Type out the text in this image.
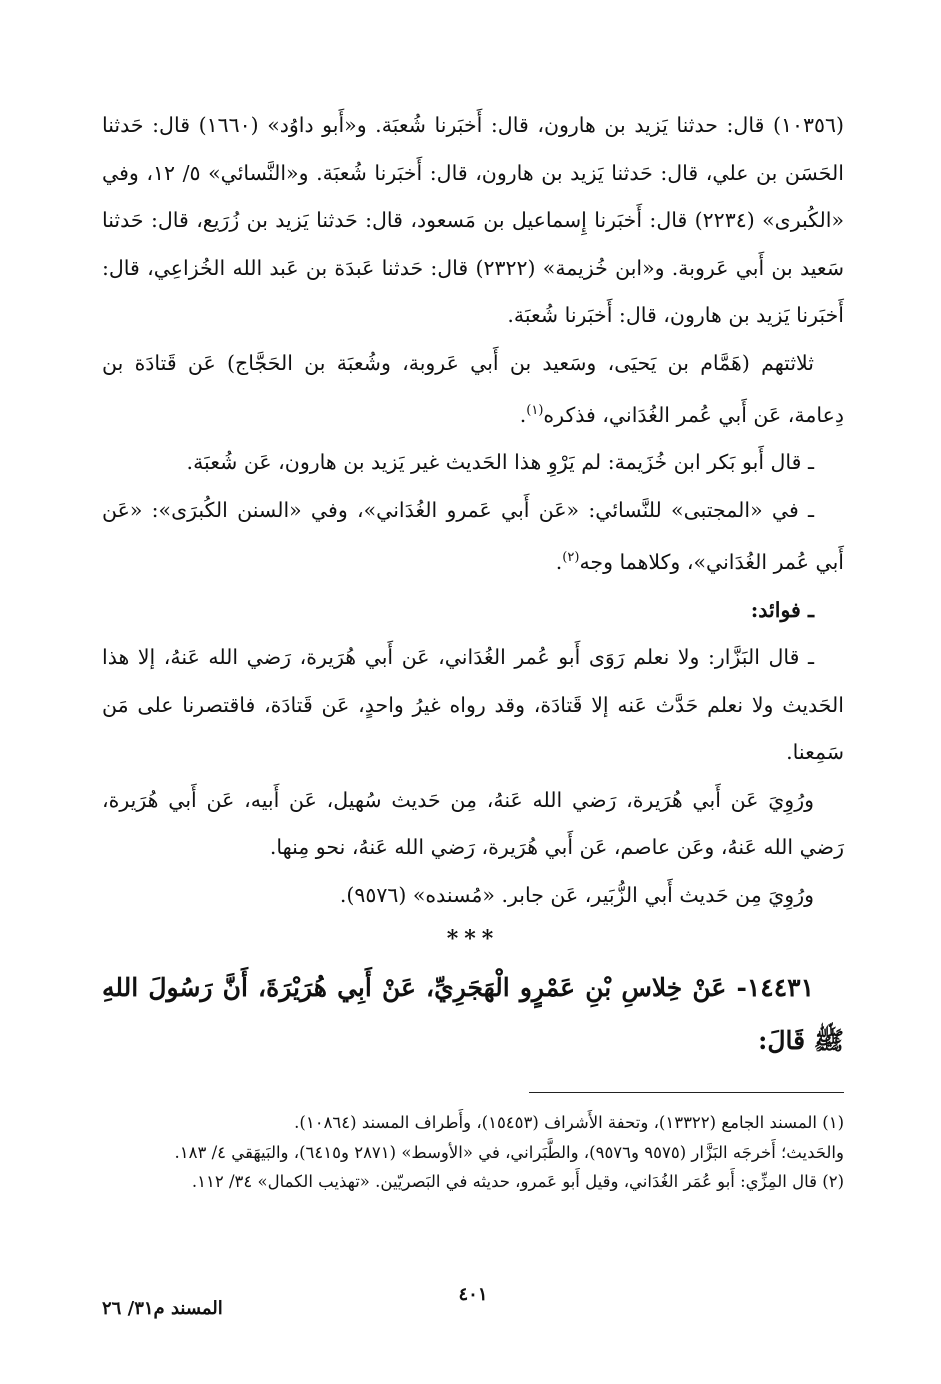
(١٠٣٥٦) قال: حدثنا يَزيد بن هارون، قال: أَخبَرنا شُعبَة. و«أَبو داوُد» (١٦٦٠) قال: حَدثنا الحَسَن بن علي، قال: حَدثنا يَزيد بن هارون، قال: أَخبَرنا شُعبَة. و«النَّسائي» ٥/ ١٢، وفي «الكُبرى» (٢٢٣٤) قال: أَخبَرنا إِسماعيل بن مَسعود، قال: حَدثنا يَزيد بن زُرَيع، قال: حَدثنا سَعيد بن أَبي عَروبة. و«ابن خُزيمة» (٢٣٢٢) قال: حَدثنا عَبدَة بن عَبد الله الخُزاعِي، قال: أَخبَرنا يَزيد بن هارون، قال: أَخبَرنا شُعبَة.

ثلاثتهم (هَمَّام بن يَحيَى، وسَعيد بن أَبي عَروبة، وشُعبَة بن الحَجَّاج) عَن قَتادَة بن دِعامة، عَن أَبي عُمر الغُدَاني، فذكره$^{(١)}$.

ـ قال أَبو بَكر ابن خُزَيمة: لم يَرْوِ هذا الحَديث غير يَزيد بن هارون، عَن شُعبَة.

ـ في «المجتبى» للنَّسائي: «عَن أَبي عَمرو الغُدَاني»، وفي «السنن الكُبرَى»: «عَن أَبي عُمر الغُدَاني»، وكلاهما وجه$^{(٢)}$.

ـ فوائد:

ـ قال البَزَّار: ولا نعلم رَوَى أَبو عُمر الغُدَاني، عَن أَبي هُرَيرة، رَضي الله عَنهُ، إلا هذا الحَديث ولا نعلم حَدَّث عَنه إلا قَتادَة، وقد رواه غيرُ واحدٍ، عَن قَتادَة، فاقتصرنا على مَن سَمِعنا.

ورُوِيَ عَن أَبي هُرَيرة، رَضي الله عَنهُ، مِن حَديث سُهيل، عَن أَبيه، عَن أَبي هُرَيرة، رَضي الله عَنهُ، وعَن عاصم، عَن أَبي هُرَيرة، رَضي الله عَنهُ، نحو مِنها.

ورُوِيَ مِن حَديث أَبي الزُّبَير، عَن جابر. «مُسنده» (٩٥٧٦).

***

١٤٤٣١- عَنْ خِلاسِ بْنِ عَمْرٍو الْهَجَرِيِّ، عَنْ أَبِي هُرَيْرَةَ، أَنَّ رَسُولَ اللهِ ﷺ قَالَ:

(١) المسند الجامع (١٣٣٢٢)، وتحفة الأَشراف (١٥٤٥٣)، وأَطراف المسند (١٠٨٦٤).

والحَديث؛ أَخرجَه البَزَّار (٩٥٧٥ و٩٥٧٦)، والطَّبَراني، في «الأوسط» (٢٨٧١ و٦٤١٥)، والبَيهَقي ٤/ ١٨٣.

(٢) قال المِزِّي: أَبو عُمَر الغُدَاني، وقيل أَبو عَمرو، حديثه في البَصريّين. «تهذيب الكمال» ٣٤/ ١١٢.

المسند م٣١/ ٢٦
٤٠١
